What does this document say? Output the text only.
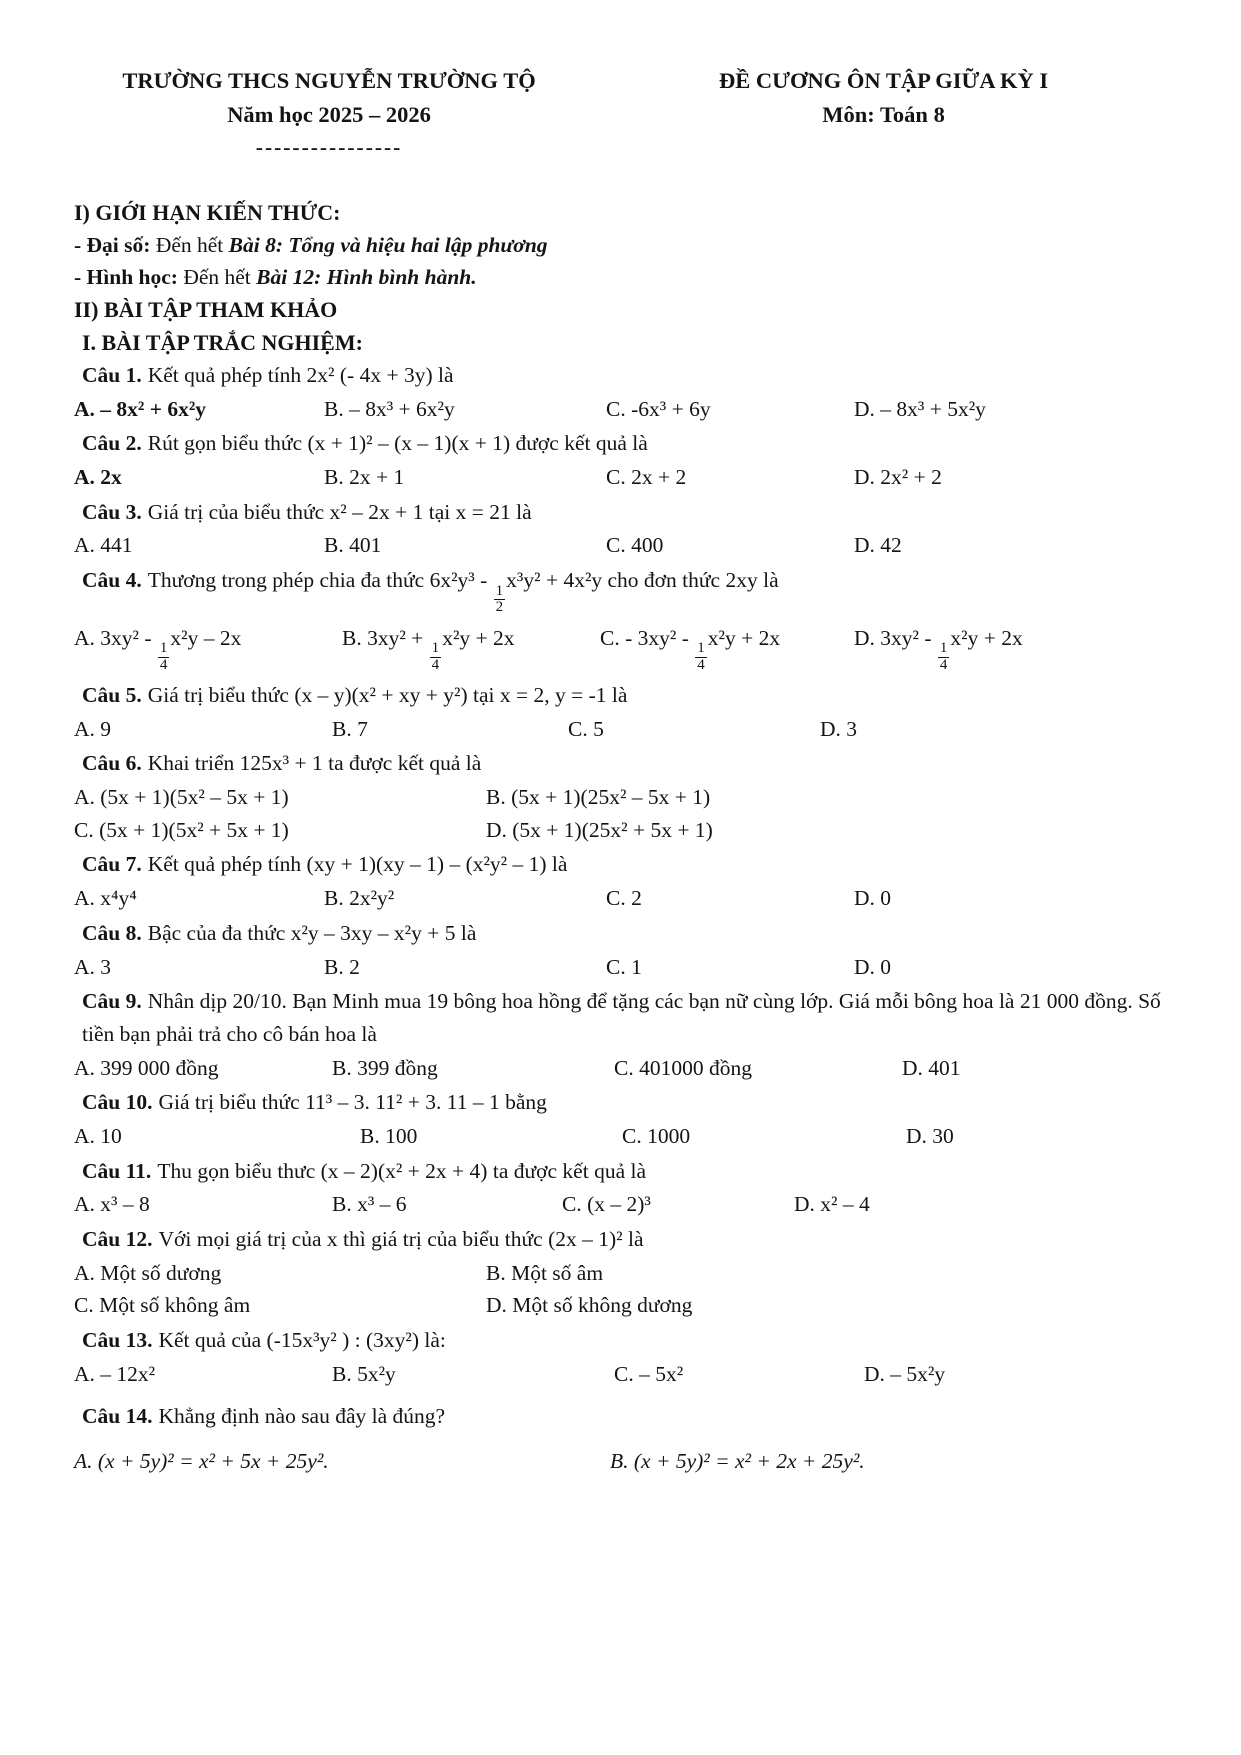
TRƯỜNG THCS NGUYỄN TRƯỜNG TỘ
Năm học 2025 – 2026
----------------
ĐỀ CƯƠNG ÔN TẬP GIỮA KỲ I
Môn: Toán 8
I) GIỚI HẠN KIẾN THỨC:
- Đại số: Đến hết Bài 8: Tổng và hiệu hai lập phương
- Hình học: Đến hết Bài 12: Hình bình hành.
II) BÀI TẬP THAM KHẢO
I. BÀI TẬP TRẮC NGHIỆM:
Câu 1. Kết quả phép tính 2x² (- 4x + 3y) là
A. – 8x² + 6x²y	B. – 8x³ + 6x²y	C. -6x³ + 6y	D. – 8x³ + 5x²y
Câu 2. Rút gọn biểu thức (x + 1)² – (x – 1)(x + 1) được kết quả là
A. 2x	B. 2x + 1	C. 2x + 2	D. 2x² + 2
Câu 3. Giá trị của biểu thức x² – 2x + 1 tại x = 21 là
A. 441	B. 401	C. 400	D. 42
Câu 4. Thương trong phép chia đa thức 6x²y³ -
$\frac{1}{2}$
x³y² + 4x²y cho đơn thức 2xy là
A. 3xy² -
$\frac{1}{4}$
x²y – 2x	B. 3xy² +
$\frac{1}{4}$
x²y + 2x	C. - 3xy² -
$\frac{1}{4}$
x²y + 2x	D. 3xy² -
$\frac{1}{4}$
x²y + 2x
Câu 5. Giá trị biểu thức (x – y)(x² + xy + y²) tại x = 2, y = -1 là
A. 9	B. 7	C. 5	D. 3
Câu 6. Khai triển 125x³ + 1 ta được kết quả là
A. (5x + 1)(5x² – 5x + 1)	B. (5x + 1)(25x² – 5x + 1)
C. (5x + 1)(5x² + 5x + 1)	D. (5x + 1)(25x² + 5x + 1)
Câu 7. Kết quả phép tính (xy + 1)(xy – 1) – (x²y² – 1) là
A. x⁴y⁴	B. 2x²y²	C. 2	D. 0
Câu 8. Bậc của đa thức x²y – 3xy – x²y + 5 là
A. 3	B. 2	C. 1	D. 0
Câu 9. Nhân dịp 20/10. Bạn Minh mua 19 bông hoa hồng để tặng các bạn nữ cùng lớp. Giá mỗi bông hoa là 21 000 đồng. Số tiền bạn phải trả cho cô bán hoa là
A. 399 000 đồng	B. 399 đồng	C. 401000 đồng	D. 401
Câu 10. Giá trị biểu thức 11³ – 3. 11² + 3. 11 – 1 bằng
A. 10	B. 100	C. 1000	D. 30
Câu 11. Thu gọn biểu thưc (x – 2)(x² + 2x + 4) ta được kết quả là
A. x³ – 8	B. x³ – 6	C. (x – 2)³	D. x² – 4
Câu 12. Với mọi giá trị của x thì giá trị của biểu thức (2x – 1)² là
A. Một số dương	B. Một số âm
C. Một số không âm	D. Một số không dương
Câu 13. Kết quả của (-15x³y² ) : (3xy²) là:
A. – 12x²	B. 5x²y	C. – 5x²	D. – 5x²y
Câu 14. Khẳng định nào sau đây là đúng?
A. (x + 5y)² = x² + 5x + 25y².	B. (x + 5y)² = x² + 2x + 25y².
